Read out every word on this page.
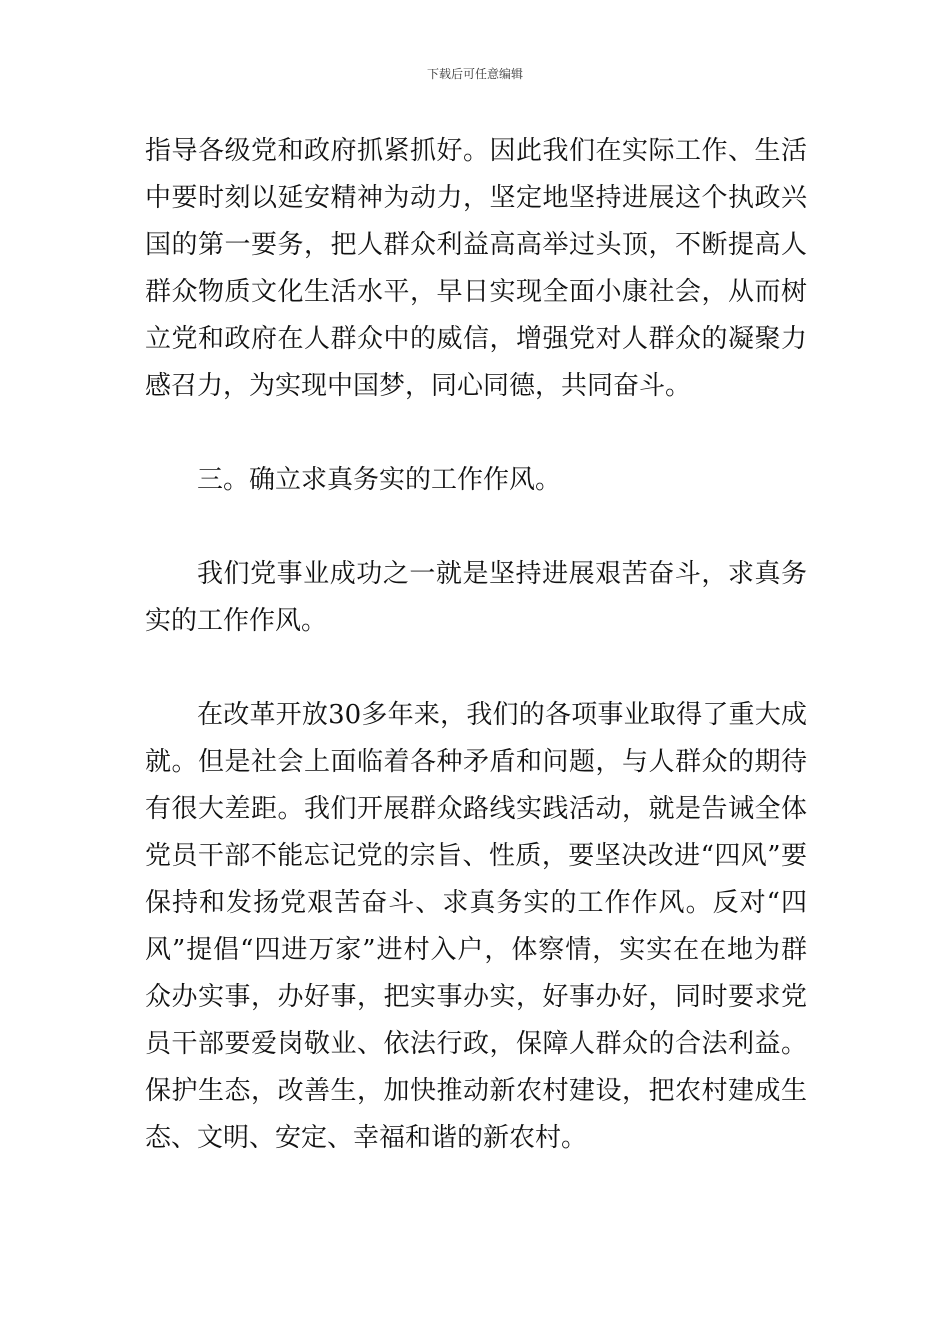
下载后可任意编辑

指导各级党和政府抓紧抓好。因此我们在实际工作、生活中要时刻以延安精神为动力，坚定地坚持进展这个执政兴国的第一要务，把人群众利益高高举过头顶，不断提高人群众物质文化生活水平，早日实现全面小康社会，从而树立党和政府在人群众中的威信，增强党对人群众的凝聚力感召力，为实现中国梦，同心同德，共同奋斗。

三。确立求真务实的工作作风。

我们党事业成功之一就是坚持进展艰苦奋斗，求真务实的工作作风。

在改革开放30多年来，我们的各项事业取得了重大成就。但是社会上面临着各种矛盾和问题，与人群众的期待有很大差距。我们开展群众路线实践活动，就是告诫全体党员干部不能忘记党的宗旨、性质，要坚决改进“四风”要保持和发扬党艰苦奋斗、求真务实的工作作风。反对“四风”提倡“四进万家”进村入户，体察情，实实在在地为群众办实事，办好事，把实事办实，好事办好，同时要求党员干部要爱岗敬业、依法行政，保障人群众的合法利益。保护生态，改善生，加快推动新农村建设，把农村建成生态、文明、安定、幸福和谐的新农村。
